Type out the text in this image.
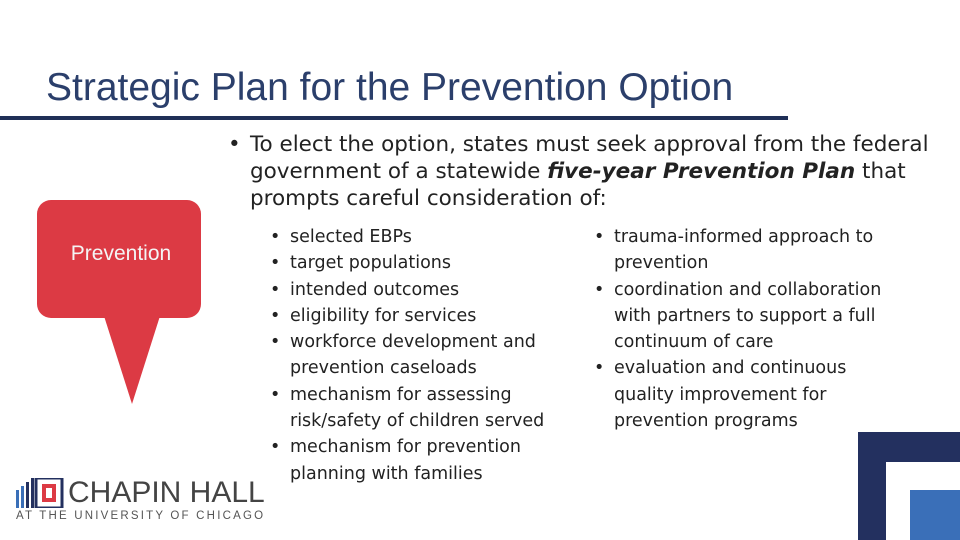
Strategic Plan for the Prevention Option
• To elect the option, states must seek approval from the federal government of a statewide five-year Prevention Plan that prompts careful consideration of:
Prevention
• selected EBPs
• target populations
• intended outcomes
• eligibility for services
• workforce development and prevention caseloads
• mechanism for assessing risk/safety of children served
• mechanism for prevention planning with families
• trauma-informed approach to prevention
• coordination and collaboration with partners to support a full continuum of care
• evaluation and continuous quality improvement for prevention programs
CHAPIN HALL
AT THE UNIVERSITY OF CHICAGO
